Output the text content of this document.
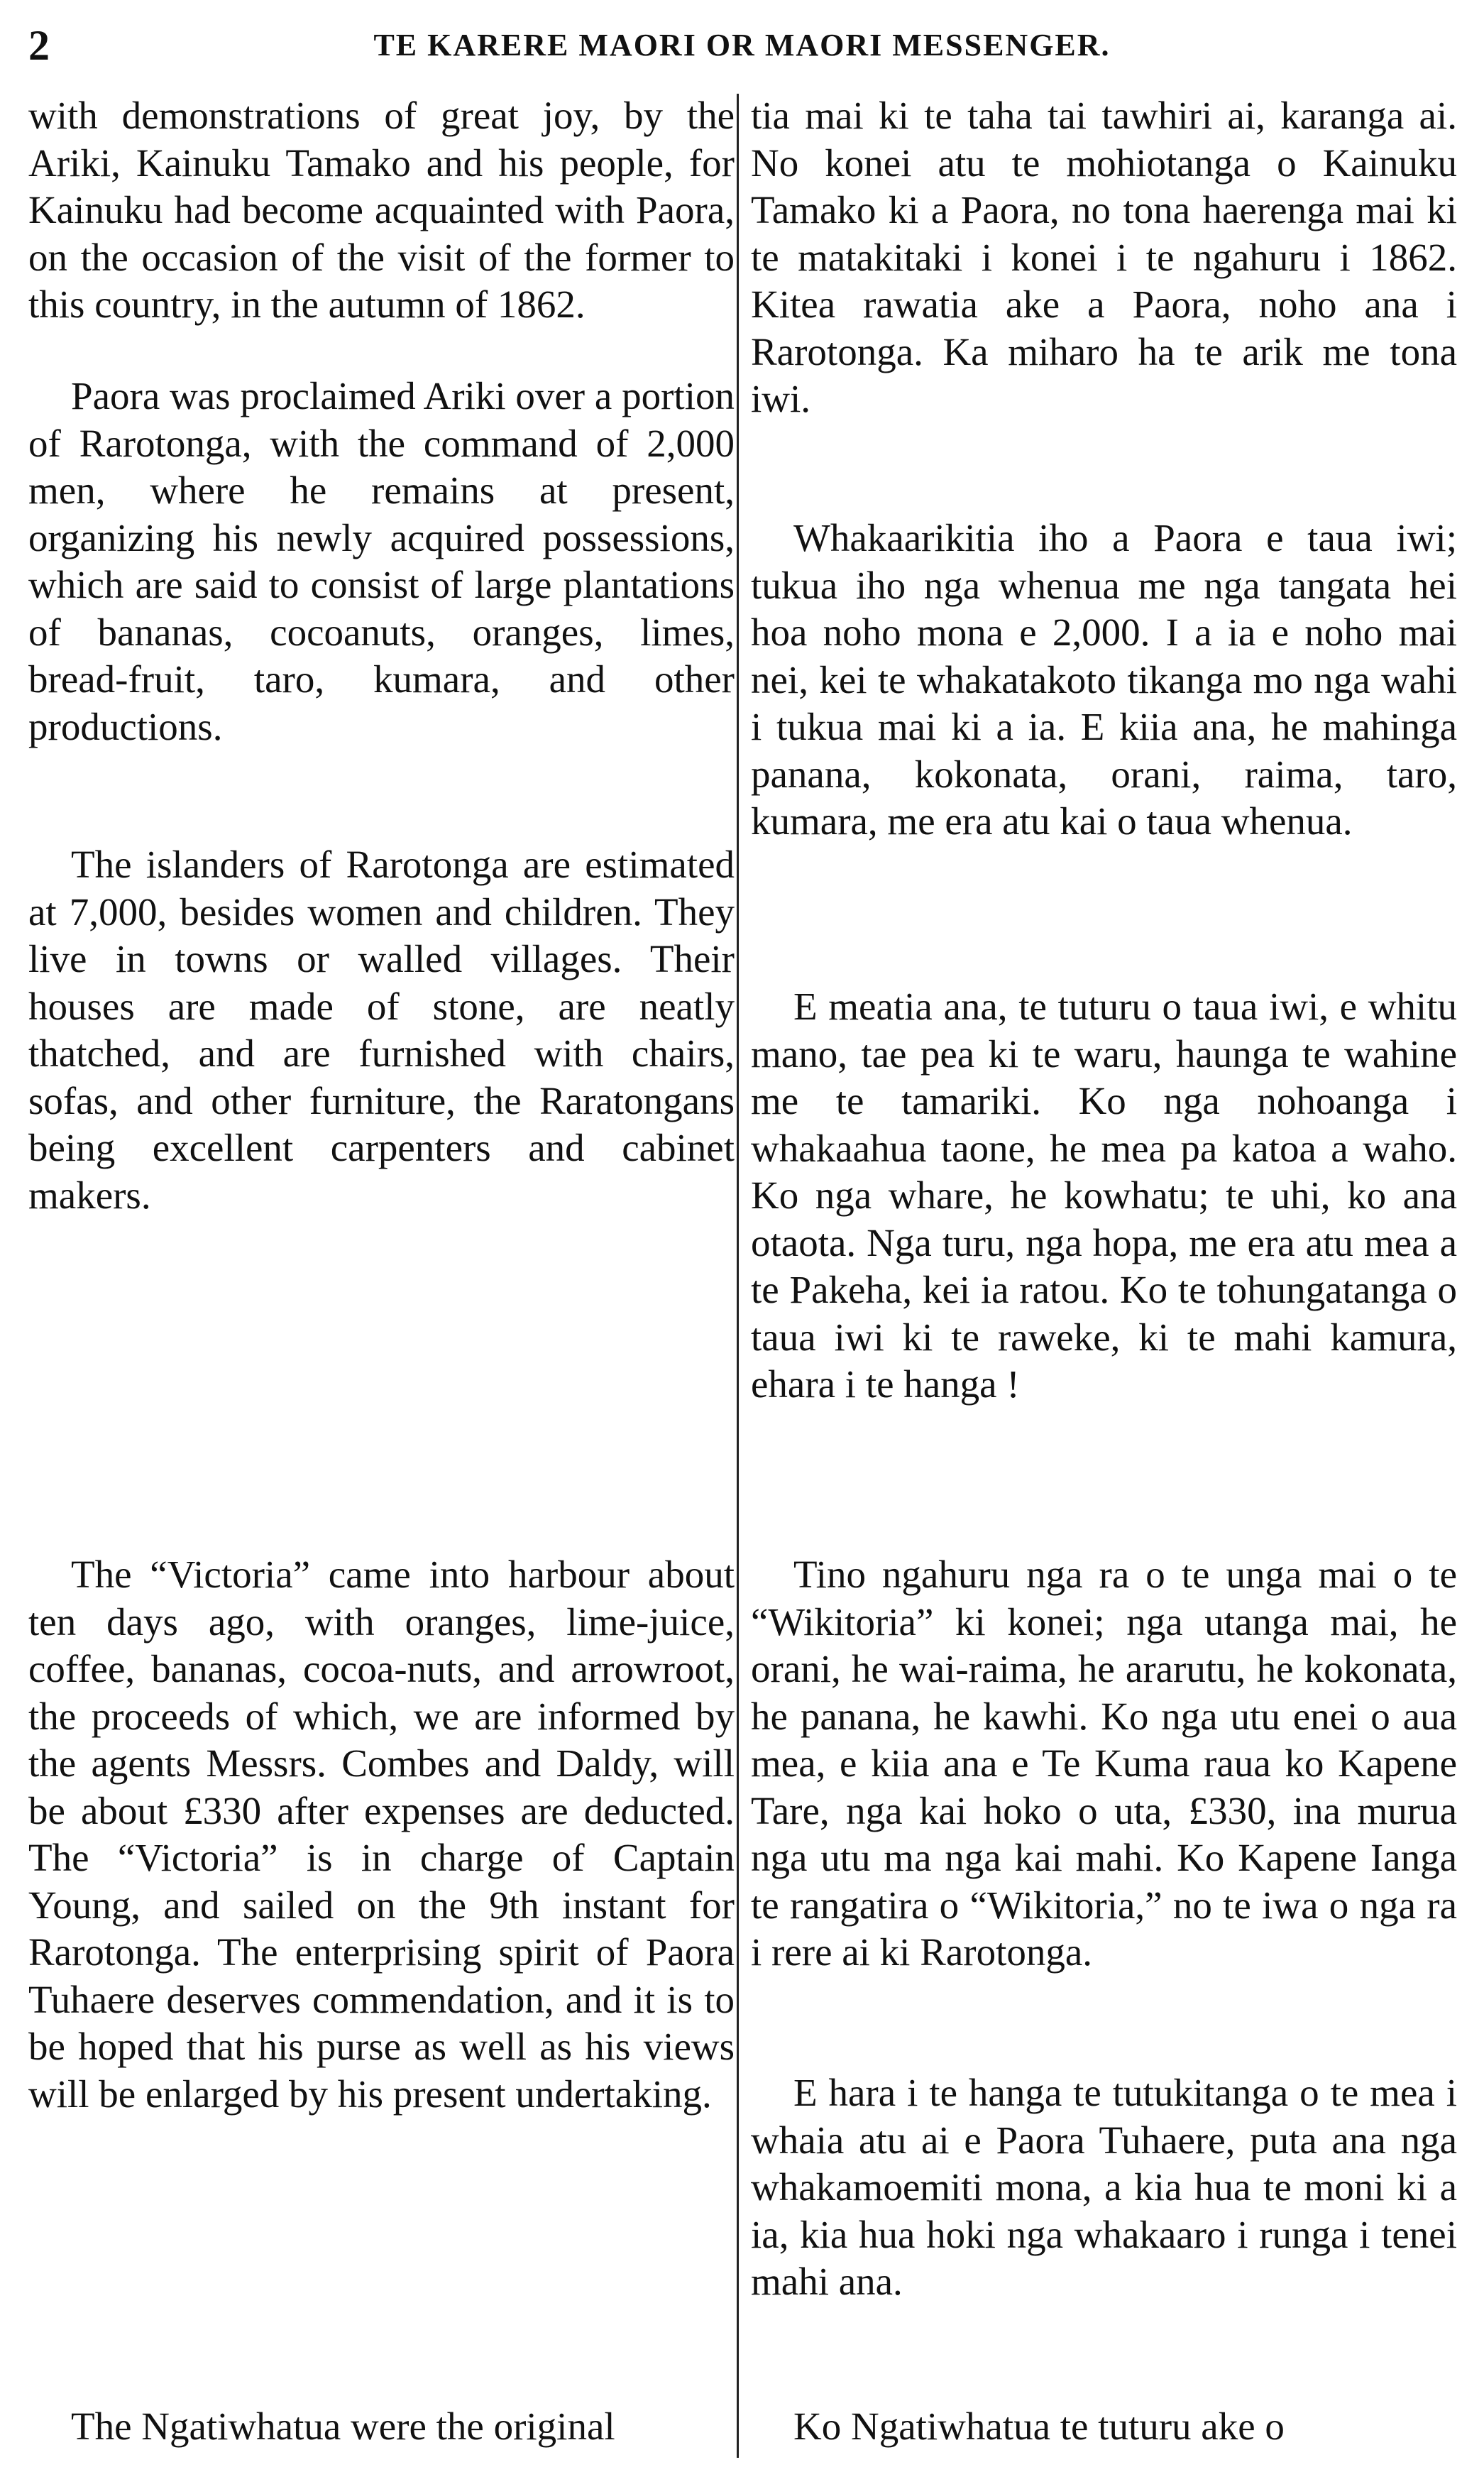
2	TE KARERE MAORI OR MAORI MESSENGER.

with demonstrations of great joy, by the Ariki, Kainuku Tamako and his people, for Kainuku had become acquainted with Paora, on the occasion of the visit of the former to this country, in the autumn of 1862.

Paora was proclaimed Ariki over a portion of Rarotonga, with the command of 2,000 men, where he remains at present, organizing his newly acquired possessions, which are said to consist of large plantations of bananas, cocoanuts, oranges, limes, bread-fruit, taro, kumara, and other productions.

The islanders of Rarotonga are estimated at 7,000, besides women and children. They live in towns or walled villages. Their houses are made of stone, are neatly thatched, and are furnished with chairs, sofas, and other furniture, the Raratongans being excellent carpenters and cabinet makers.

The “Victoria” came into harbour about ten days ago, with oranges, lime-juice, coffee, bananas, cocoa-nuts, and arrowroot, the proceeds of which, we are informed by the agents Messrs. Combes and Daldy, will be about £330 after expenses are deducted. The “Victoria” is in charge of Captain Young, and sailed on the 9th instant for Rarotonga. The enterprising spirit of Paora Tuhaere deserves commendation, and it is to be hoped that his purse as well as his views will be enlarged by his present undertaking.

The Ngatiwhatua were the original

tia mai ki te taha tai tawhiri ai, karanga ai. No konei atu te mohiotanga o Kainuku Tamako ki a Paora, no tona haerenga mai ki te matakitaki i konei i te ngahuru i 1862. Kitea rawatia ake a Paora, noho ana i Rarotonga. Ka miharo ha te arik me tona iwi.

Whakaarikitia iho a Paora e taua iwi; tukua iho nga whenua me nga tangata hei hoa noho mona e 2,000. I a ia e noho mai nei, kei te whakatakoto tikanga mo nga wahi i tukua mai ki a ia. E kiia ana, he mahinga panana, kokonata, orani, raima, taro, kumara, me era atu kai o taua whenua.

E meatia ana, te tuturu o taua iwi, e whitu mano, tae pea ki te waru, haunga te wahine me te tamariki. Ko nga nohoanga i whakaahua taone, he mea pa katoa a waho. Ko nga whare, he kowhatu; te uhi, ko ana otaota. Nga turu, nga hopa, me era atu mea a te Pakeha, kei ia ratou. Ko te tohungatanga o taua iwi ki te raweke, ki te mahi kamura, ehara i te hanga !

Tino ngahuru nga ra o te unga mai o te “Wikitoria” ki konei; nga utanga mai, he orani, he wai-raima, he ararutu, he kokonata, he panana, he kawhi. Ko nga utu enei o aua mea, e kiia ana e Te Kuma raua ko Kapene Tare, nga kai hoko o uta, £330, ina murua nga utu ma nga kai mahi. Ko Kapene Ianga te rangatira o “Wikitoria,” no te iwa o nga ra i rere ai ki Rarotonga.

E hara i te hanga te tutukitanga o te mea i whaia atu ai e Paora Tuhaere, puta ana nga whakamoemiti mona, a kia hua te moni ki a ia, kia hua hoki nga whakaaro i runga i tenei mahi ana.

Ko Ngatiwhatua te tuturu ake o
